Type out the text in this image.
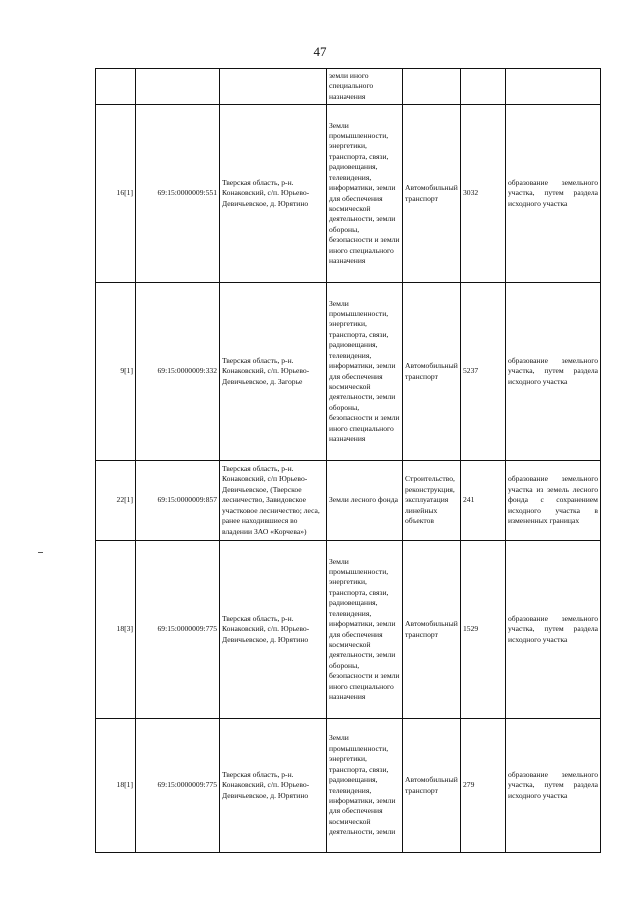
47
			земли иного специального назначения			
16[1]	69:15:0000009:551	Тверская область, р-н. Конаковский, с/п. Юрьево-Девичьевское, д. Юрятино	Земли промышленности, энергетики, транспорта, связи, радиовещания, телевидения, информатики, земли для обеспечения космической деятельности, земли обороны, безопасности и земли иного специального назначения	Автомобильный транспорт	3032	образование земельного участка, путем раздела исходного участка
9[1]	69:15:0000009:332	Тверская область, р-н. Конаковский, с/п. Юрьево-Девичьевское, д. Загорье	Земли промышленности, энергетики, транспорта, связи, радиовещания, телевидения, информатики, земли для обеспечения космической деятельности, земли обороны, безопасности и земли иного специального назначения	Автомобильный транспорт	5237	образование земельного участка, путем раздела исходного участка
22[1]	69:15:0000009:857	Тверская область, р-н. Конаковский, с/п Юрьево-Девичьевское, (Тверское лесничество, Завидовское участковое лесничество; леса, ранее находившиеся во владении ЗАО «Корчева»)	Земли лесного фонда	Строительство, реконструкция, эксплуатация линейных объектов	241	образование земельного участка из земель лесного фонда с сохранением исходного участка в измененных границах
18[3]	69:15:0000009:775	Тверская область, р-н. Конаковский, с/п. Юрьево-Девичьевское, д. Юрятино	Земли промышленности, энергетики, транспорта, связи, радиовещания, телевидения, информатики, земли для обеспечения космической деятельности, земли обороны, безопасности и земли иного специального назначения	Автомобильный транспорт	1529	образование земельного участка, путем раздела исходного участка
18[1]	69:15:0000009:775	Тверская область, р-н. Конаковский, с/п. Юрьево-Девичьевское, д. Юрятино	Земли промышленности, энергетики, транспорта, связи, радиовещания, телевидения, информатики, земли для обеспечения космической деятельности, земли	Автомобильный транспорт	279	образование земельного участка, путем раздела исходного участка
